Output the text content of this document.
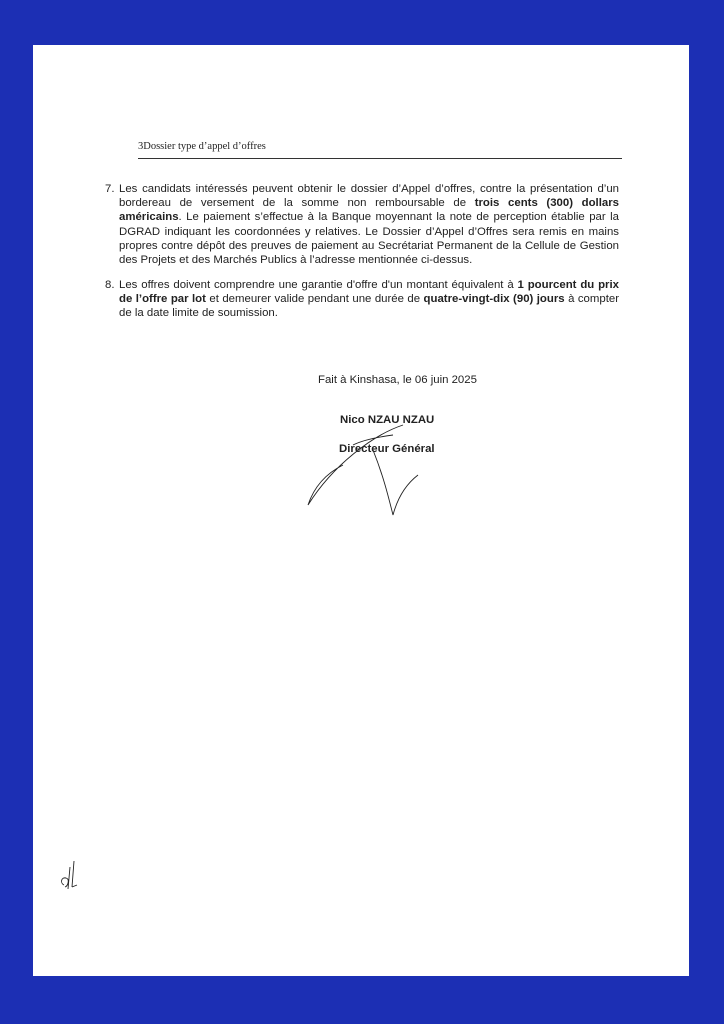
3Dossier type d’appel d’offres
7. Les candidats intéressés peuvent obtenir le dossier d’Appel d’offres, contre la présentation d’un bordereau de versement de la somme non remboursable de trois cents (300) dollars américains. Le paiement s’effectue à la Banque moyennant la note de perception établie par la DGRAD indiquant les coordonnées y relatives. Le Dossier d’Appel d’Offres sera remis en mains propres contre dépôt des preuves de paiement au Secrétariat Permanent de la Cellule de Gestion des Projets et des Marchés Publics à l’adresse mentionnée ci-dessus.
8. Les offres doivent comprendre une garantie d'offre d'un montant équivalent à 1 pourcent du prix de l’offre par lot et demeurer valide pendant une durée de quatre-vingt-dix (90) jours à compter de la date limite de soumission.
Fait à Kinshasa, le 06 juin 2025
Nico NZAU NZAU
Directeur Général
